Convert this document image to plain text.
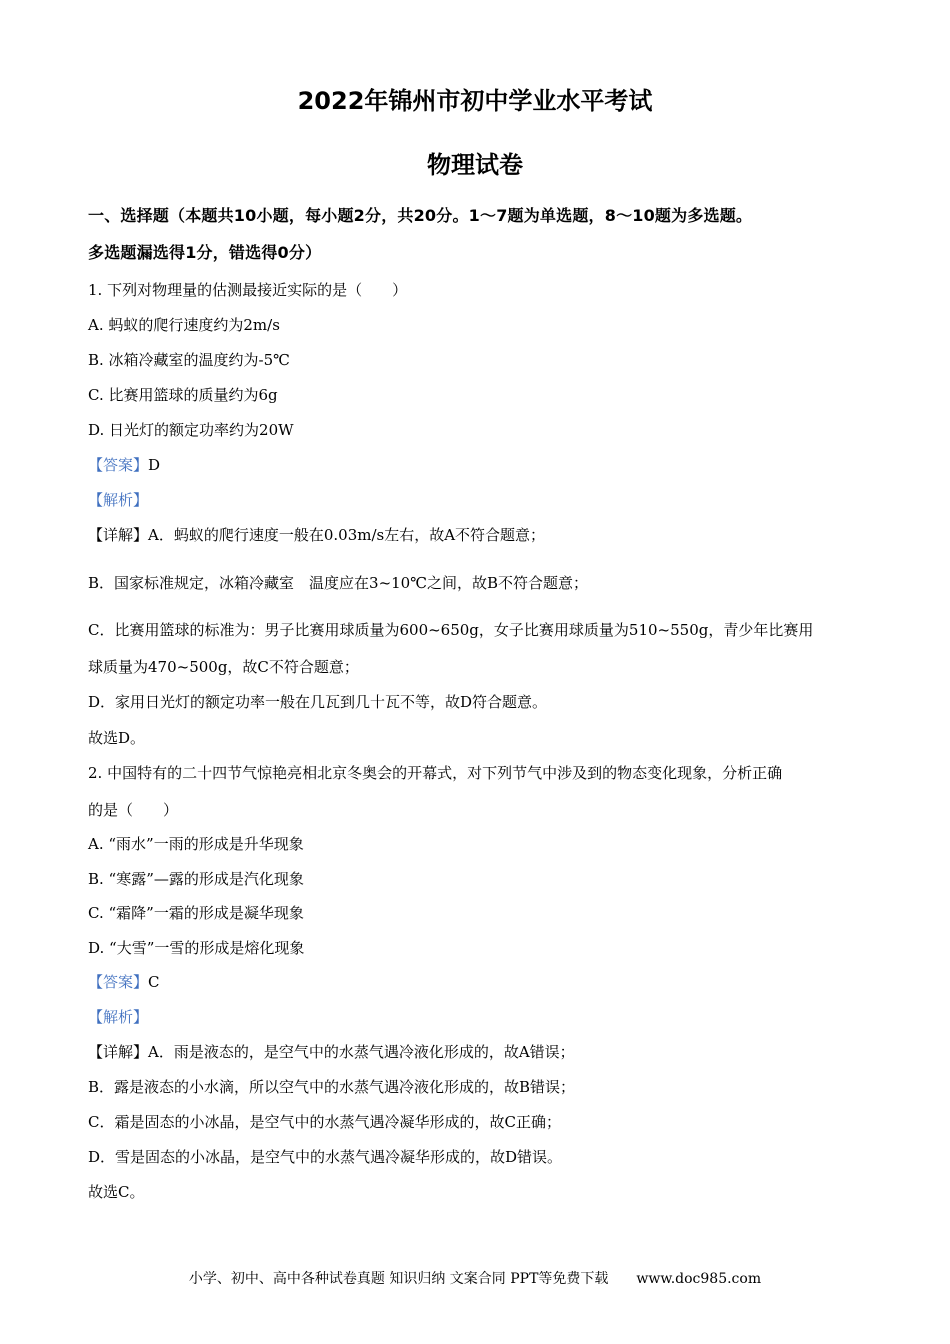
2022年锦州市初中学业水平考试
物理试卷
一、选择题（本题共10小题，每小题2分，共20分。1～7题为单选题，8～10题为多选题。
多选题漏选得1分，错选得0分）
1. 下列对物理量的估测最接近实际的是（　　）
A. 蚂蚁的爬行速度约为2m/s
B. 冰箱冷藏室的温度约为-5℃
C. 比赛用篮球的质量约为6g
D. 日光灯的额定功率约为20W
【答案】D
【解析】
【详解】A．蚂蚁的爬行速度一般在0.03m/s左右，故A不符合题意；
B．国家标准规定，冰箱冷藏室　温度应在3~10℃之间，故B不符合题意；
C．比赛用篮球的标准为：男子比赛用球质量为600~650g，女子比赛用球质量为510~550g，青少年比赛用
球质量为470~500g，故C不符合题意；
D．家用日光灯的额定功率一般在几瓦到几十瓦不等，故D符合题意。
故选D。
2. 中国特有的二十四节气惊艳亮相北京冬奥会的开幕式，对下列节气中涉及到的物态变化现象，分析正确
的是（　　）
A. “雨水”一雨的形成是升华现象
B. “寒露”—露的形成是汽化现象
C. “霜降”一霜的形成是凝华现象
D. “大雪”一雪的形成是熔化现象
【答案】C
【解析】
【详解】A．雨是液态的，是空气中的水蒸气遇冷液化形成的，故A错误；
B．露是液态的小水滴，所以空气中的水蒸气遇冷液化形成的，故B错误；
C．霜是固态的小冰晶，是空气中的水蒸气遇冷凝华形成的，故C正确；
D．雪是固态的小冰晶，是空气中的水蒸气遇冷凝华形成的，故D错误。
故选C。
小学、初中、高中各种试卷真题 知识归纳 文案合同 PPT等免费下载　　www.doc985.com
